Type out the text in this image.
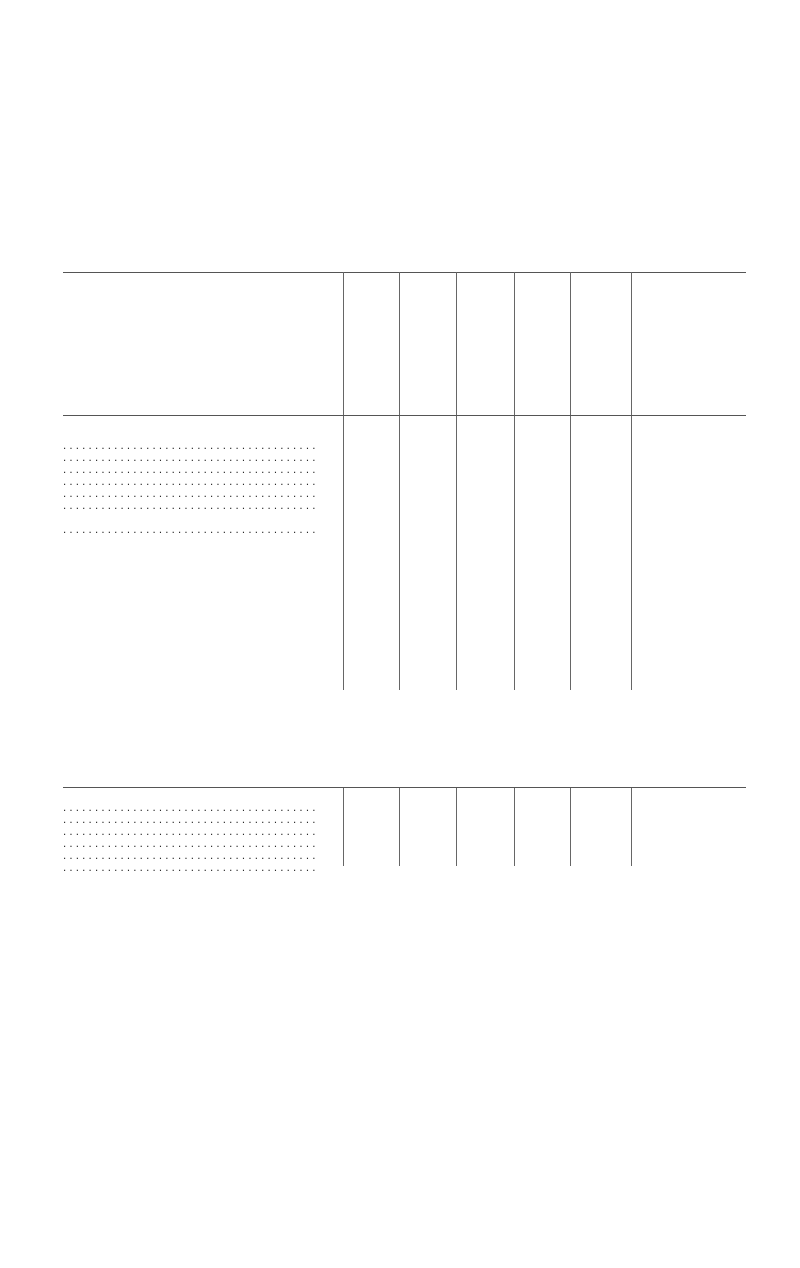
. . .
. . .
. . .
. . .
. . .
. . .
. . .
. . .
. . .
. . .
. . .
. . .
. . .
